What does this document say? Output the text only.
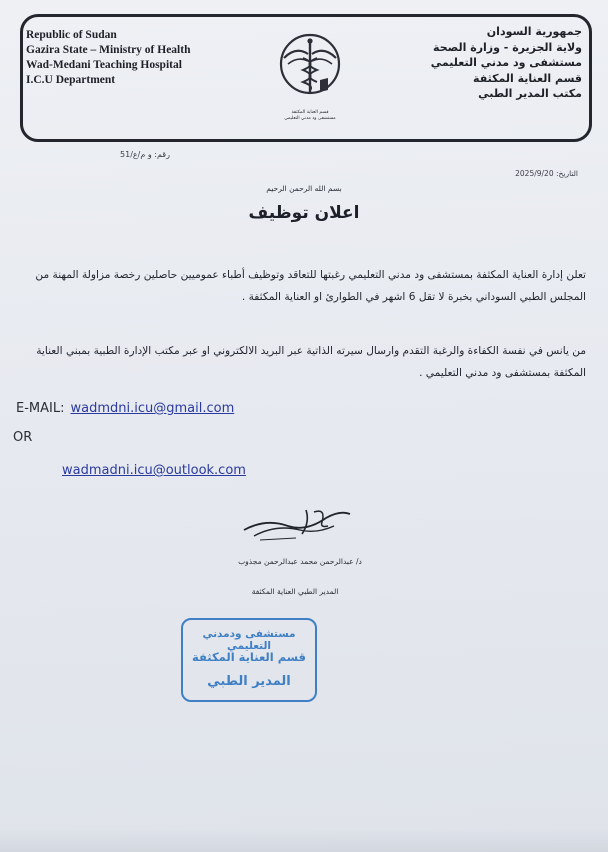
Republic of Sudan
Gazira State – Ministry of Health
Wad-Medani Teaching Hospital
I.C.U Department
جمهورية السودان
ولاية الجزيرة - وزارة الصحة
مستشفى ود مدني التعليمي
قسم العناية المكثفة
مكتب المدير الطبي
قسم العناية المكثفة
مستشفى ود مدني التعليمي
رقم: و م/ع/51
التاريخ: 2025/9/20
بسم الله الرحمن الرحيم
اعلان توظيف
تعلن إدارة العناية المكثفة بمستشفى ود مدني التعليمي رغبتها للتعاقد وتوظيف أطباء عموميين حاصلين رخصة مزاولة المهنة من المجلس الطبي السوداني بخبرة لا تقل 6 اشهر في الطوارئ او العناية المكثفة .
من يانس في نفسة الكفاءة والرغبة التقدم وارسال سيرته الذاتية عبر البريد الالكتروني او عبر مكتب الإدارة الطبية بمبني العناية المكثفة بمستشفى ود مدني التعليمي .
E-MAIL: wadmdni.icu@gmail.com
OR
wadmadni.icu@outlook.com
د/ عبدالرحمن محمد عبدالرحمن مجذوب
المدير الطبي العناية المكثفة
مستشفى ودمدني التعليمي
قسم العناية المكثفة
المدير الطبي
